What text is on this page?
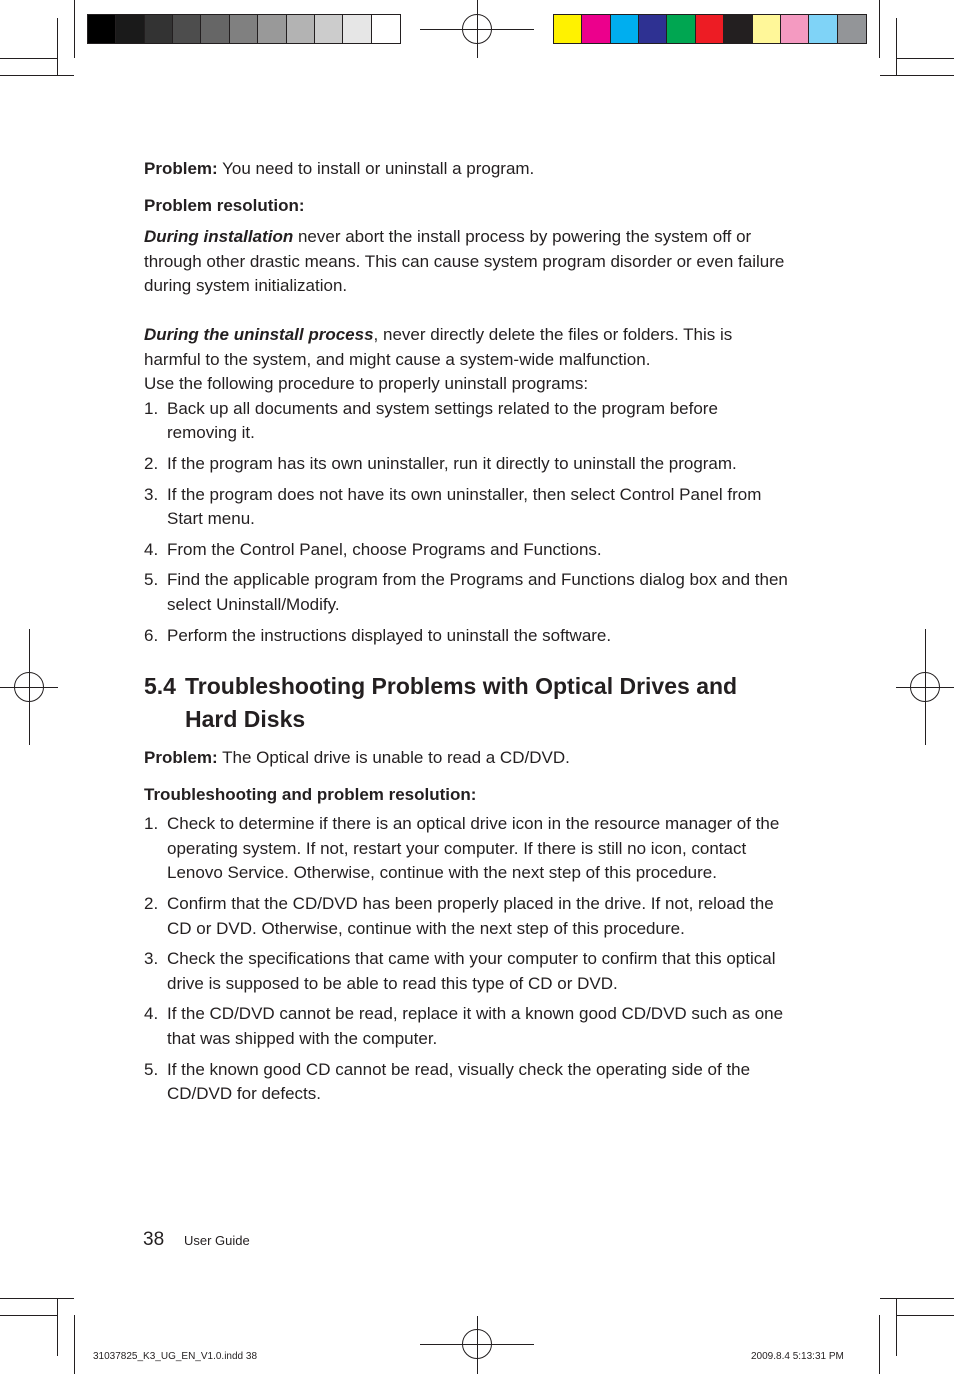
Problem: You need to install or uninstall a program.

Problem resolution:

During installation never abort the install process by powering the system off or through other drastic means. This can cause system program disorder or even failure during system initialization.

During the uninstall process, never directly delete the files or folders. This is harmful to the system, and might cause a system-wide malfunction.

Use the following procedure to properly uninstall programs:

1. Back up all documents and system settings related to the program before removing it.
2. If the program has its own uninstaller, run it directly to uninstall the program.
3. If the program does not have its own uninstaller, then select Control Panel from Start menu.
4. From the Control Panel, choose Programs and Functions.
5. Find the applicable program from the Programs and Functions dialog box and then select Uninstall/Modify.
6. Perform the instructions displayed to uninstall the software.
5.4 Troubleshooting Problems with Optical Drives and Hard Disks

Problem: The Optical drive is unable to read a CD/DVD.

Troubleshooting and problem resolution:

1. Check to determine if there is an optical drive icon in the resource manager of the operating system. If not, restart your computer. If there is still no icon, contact Lenovo Service. Otherwise, continue with the next step of this procedure.
2. Confirm that the CD/DVD has been properly placed in the drive. If not, reload the CD or DVD. Otherwise, continue with the next step of this procedure.
3. Check the specifications that came with your computer to confirm that this optical drive is supposed to be able to read this type of CD or DVD.
4. If the CD/DVD cannot be read, replace it with a known good CD/DVD such as one that was shipped with the computer.
5. If the known good CD cannot be read, visually check the operating side of the CD/DVD for defects.
38 User Guide
31037825_K3_UG_EN_V1.0.indd 38	2009.8.4 5:13:31 PM
